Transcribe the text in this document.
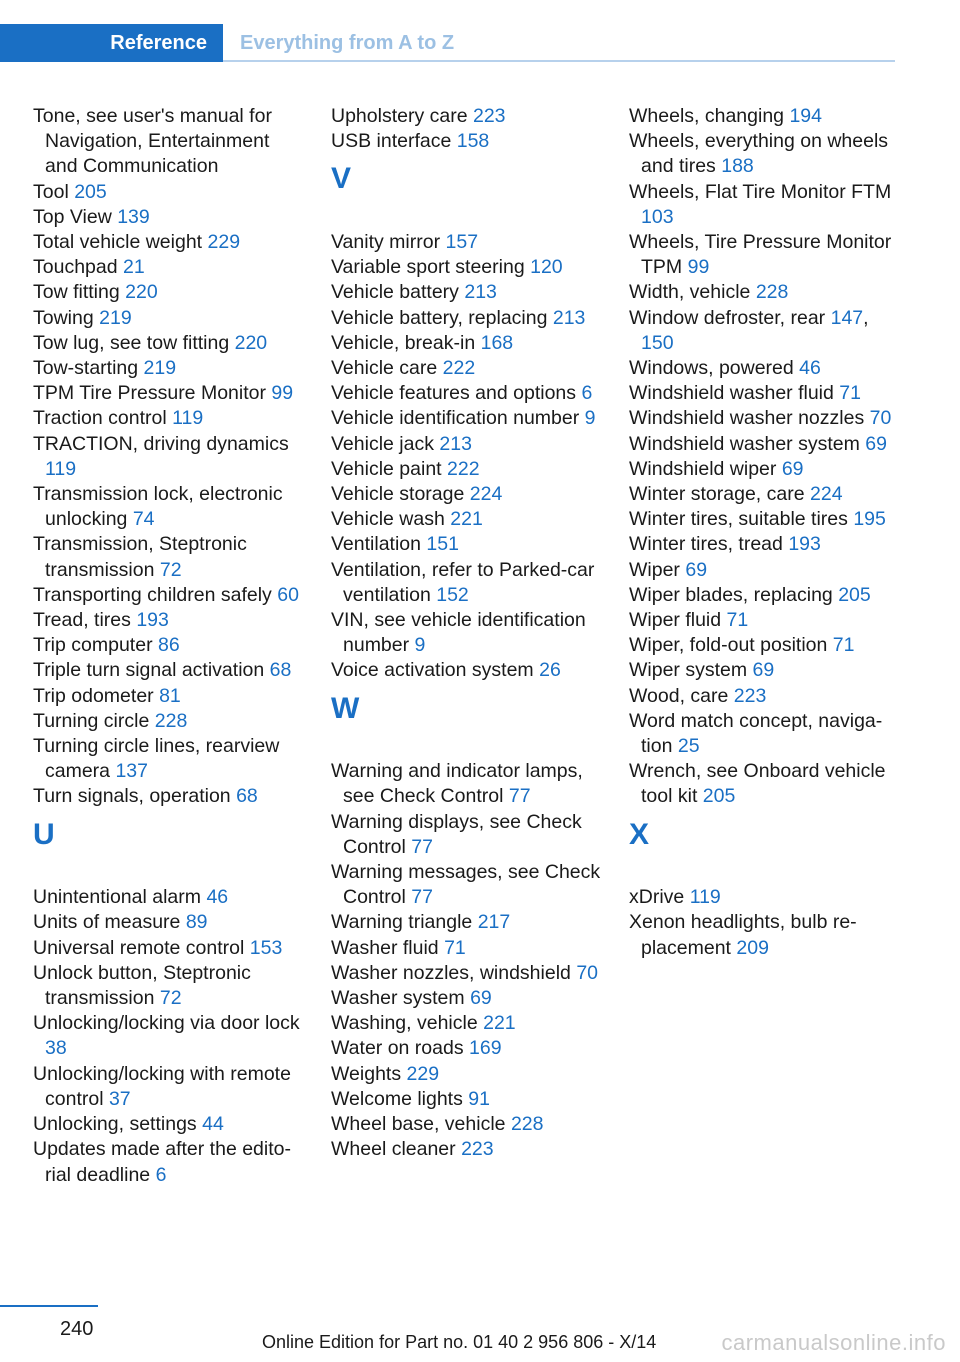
Reference	Everything from A to Z
Tone, see user's manual for Navigation, Entertainment and Communication
Tool 205
Top View 139
Total vehicle weight 229
Touchpad 21
Tow fitting 220
Towing 219
Tow lug, see tow fitting 220
Tow-starting 219
TPM Tire Pressure Monitor 99
Traction control 119
TRACTION, driving dynamics 119
Transmission lock, electronic unlocking 74
Transmission, Steptronic transmission 72
Transporting children safely 60
Tread, tires 193
Trip computer 86
Triple turn signal activation 68
Trip odometer 81
Turning circle 228
Turning circle lines, rearview camera 137
Turn signals, operation 68
U
Unintentional alarm 46
Units of measure 89
Universal remote control 153
Unlock button, Steptronic transmission 72
Unlocking/locking via door lock 38
Unlocking/locking with remote control 37
Unlocking, settings 44
Updates made after the editorial deadline 6
Upholstery care 223
USB interface 158
V
Vanity mirror 157
Variable sport steering 120
Vehicle battery 213
Vehicle battery, replacing 213
Vehicle, break-in 168
Vehicle care 222
Vehicle features and options 6
Vehicle identification number 9
Vehicle jack 213
Vehicle paint 222
Vehicle storage 224
Vehicle wash 221
Ventilation 151
Ventilation, refer to Parked-car ventilation 152
VIN, see vehicle identification number 9
Voice activation system 26
W
Warning and indicator lamps, see Check Control 77
Warning displays, see Check Control 77
Warning messages, see Check Control 77
Warning triangle 217
Washer fluid 71
Washer nozzles, windshield 70
Washer system 69
Washing, vehicle 221
Water on roads 169
Weights 229
Welcome lights 91
Wheel base, vehicle 228
Wheel cleaner 223
Wheels, changing 194
Wheels, everything on wheels and tires 188
Wheels, Flat Tire Monitor FTM 103
Wheels, Tire Pressure Monitor TPM 99
Width, vehicle 228
Window defroster, rear 147, 150
Windows, powered 46
Windshield washer fluid 71
Windshield washer nozzles 70
Windshield washer system 69
Windshield wiper 69
Winter storage, care 224
Winter tires, suitable tires 195
Winter tires, tread 193
Wiper 69
Wiper blades, replacing 205
Wiper fluid 71
Wiper, fold-out position 71
Wiper system 69
Wood, care 223
Word match concept, navigation 25
Wrench, see Onboard vehicle tool kit 205
X
xDrive 119
Xenon headlights, bulb replacement 209
240
Online Edition for Part no. 01 40 2 956 806 - X/14	carmanualsonline.info
